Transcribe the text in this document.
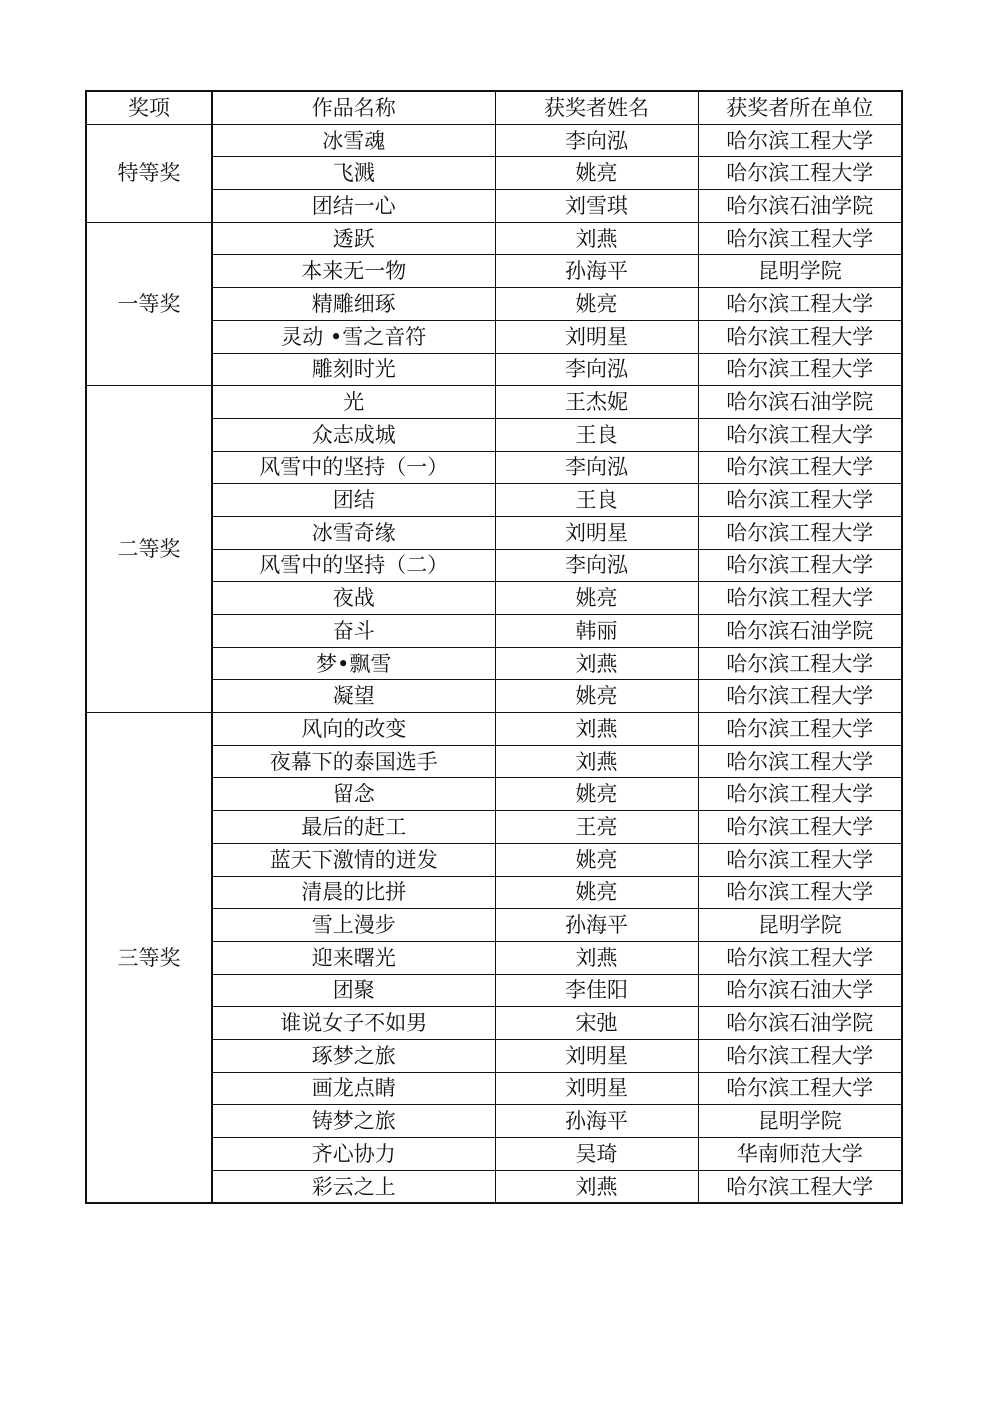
奖项	作品名称	获奖者姓名	获奖者所在单位
特等奖	冰雪魂	李向泓	哈尔滨工程大学
	飞溅	姚亮	哈尔滨工程大学
	团结一心	刘雪琪	哈尔滨石油学院
一等奖	透跃	刘燕	哈尔滨工程大学
	本来无一物	孙海平	昆明学院
	精雕细琢	姚亮	哈尔滨工程大学
	灵动 •雪之音符	刘明星	哈尔滨工程大学
	雕刻时光	李向泓	哈尔滨工程大学
二等奖	光	王杰妮	哈尔滨石油学院
	众志成城	王良	哈尔滨工程大学
	风雪中的坚持（一）	李向泓	哈尔滨工程大学
	团结	王良	哈尔滨工程大学
	冰雪奇缘	刘明星	哈尔滨工程大学
	风雪中的坚持（二）	李向泓	哈尔滨工程大学
	夜战	姚亮	哈尔滨工程大学
	奋斗	韩丽	哈尔滨石油学院
	梦•飘雪	刘燕	哈尔滨工程大学
	凝望	姚亮	哈尔滨工程大学
三等奖	风向的改变	刘燕	哈尔滨工程大学
	夜幕下的泰国选手	刘燕	哈尔滨工程大学
	留念	姚亮	哈尔滨工程大学
	最后的赶工	王亮	哈尔滨工程大学
	蓝天下激情的迸发	姚亮	哈尔滨工程大学
	清晨的比拼	姚亮	哈尔滨工程大学
	雪上漫步	孙海平	昆明学院
	迎来曙光	刘燕	哈尔滨工程大学
	团聚	李佳阳	哈尔滨石油大学
	谁说女子不如男	宋弛	哈尔滨石油学院
	琢梦之旅	刘明星	哈尔滨工程大学
	画龙点睛	刘明星	哈尔滨工程大学
	铸梦之旅	孙海平	昆明学院
	齐心协力	吴琦	华南师范大学
	彩云之上	刘燕	哈尔滨工程大学
